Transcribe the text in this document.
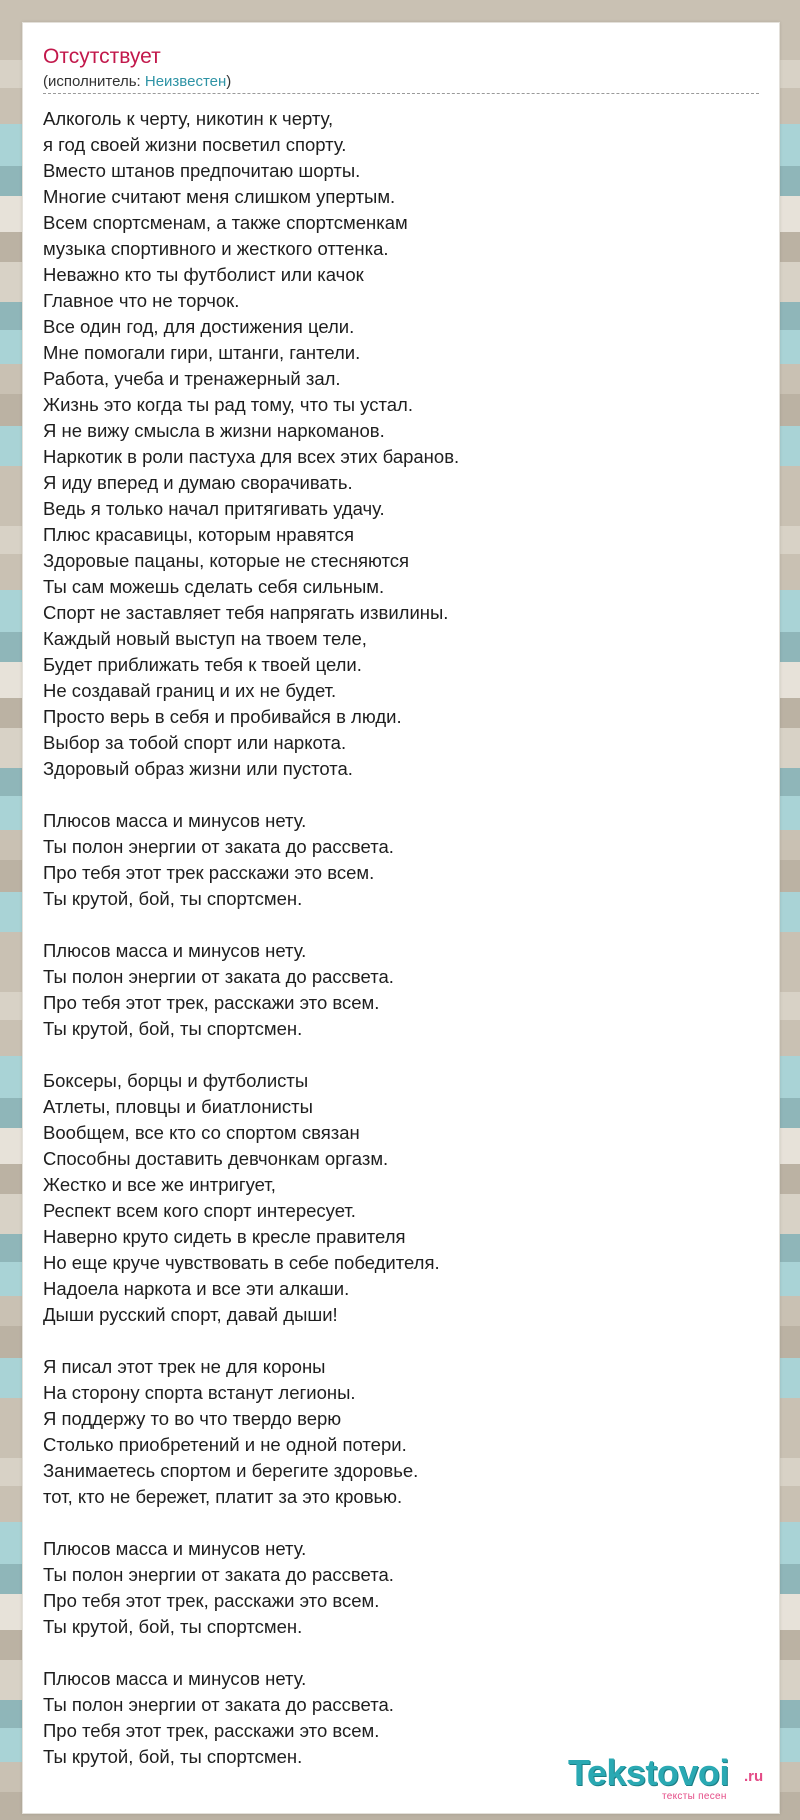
Отсутствует
(исполнитель: Неизвестен)
Алкоголь к черту, никотин к черту,
я год своей жизни посветил спорту.
Вместо штанов предпочитаю шорты.
Многие считают меня слишком упертым.
Всем спортсменам, а также спортсменкам
музыка спортивного и жесткого оттенка.
Неважно кто ты футболист или качок
Главное что не торчок.
Все один год, для достижения цели.
Мне помогали гири, штанги, гантели.
Работа, учеба и тренажерный зал.
Жизнь это когда ты рад тому, что ты устал.
Я не вижу смысла в жизни наркоманов.
Наркотик в роли пастуха для всех этих баранов.
Я иду вперед и думаю сворачивать.
Ведь я только начал притягивать удачу.
Плюс красавицы, которым нравятся
Здоровые пацаны, которые не стесняются
Ты сам можешь сделать себя сильным.
Спорт не заставляет тебя напрягать извилины.
Каждый новый выступ на твоем теле,
Будет приближать тебя к твоей цели.
Не создавай границ и их не будет.
Просто верь в себя и пробивайся в люди.
Выбор за тобой спорт или наркота.
Здоровый образ жизни или пустота.
Плюсов масса и минусов нету.
Ты полон энергии от заката до рассвета.
Про тебя этот трек расскажи это всем.
Ты крутой, бой, ты спортсмен.
Плюсов масса и минусов нету.
Ты полон энергии от заката до рассвета.
Про тебя этот трек, расскажи это всем.
Ты крутой, бой, ты спортсмен.
Боксеры, борцы и футболисты
Атлеты, пловцы и биатлонисты
Вообщем, все кто со спортом связан
Способны доставить девчонкам оргазм.
Жестко и все же интригует,
Респект всем кого спорт интересует.
Наверно круто сидеть в кресле правителя
Но еще круче чувствовать в себе победителя.
Надоела наркота и все эти алкаши.
Дыши русский спорт, давай дыши!
Я писал этот трек не для короны
На сторону спорта встанут легионы.
Я поддержу то во что твердо верю
Столько приобретений и не одной потери.
Занимаетесь спортом и берегите здоровье.
тот, кто не бережет, платит за это кровью.
Плюсов масса и минусов нету.
Ты полон энергии от заката до рассвета.
Про тебя этот трек, расскажи это всем.
Ты крутой, бой, ты спортсмен.
Плюсов масса и минусов нету.
Ты полон энергии от заката до рассвета.
Про тебя этот трек, расскажи это всем.
Ты крутой, бой, ты спортсмен.	Tekstovoi .ru
тексты песен
